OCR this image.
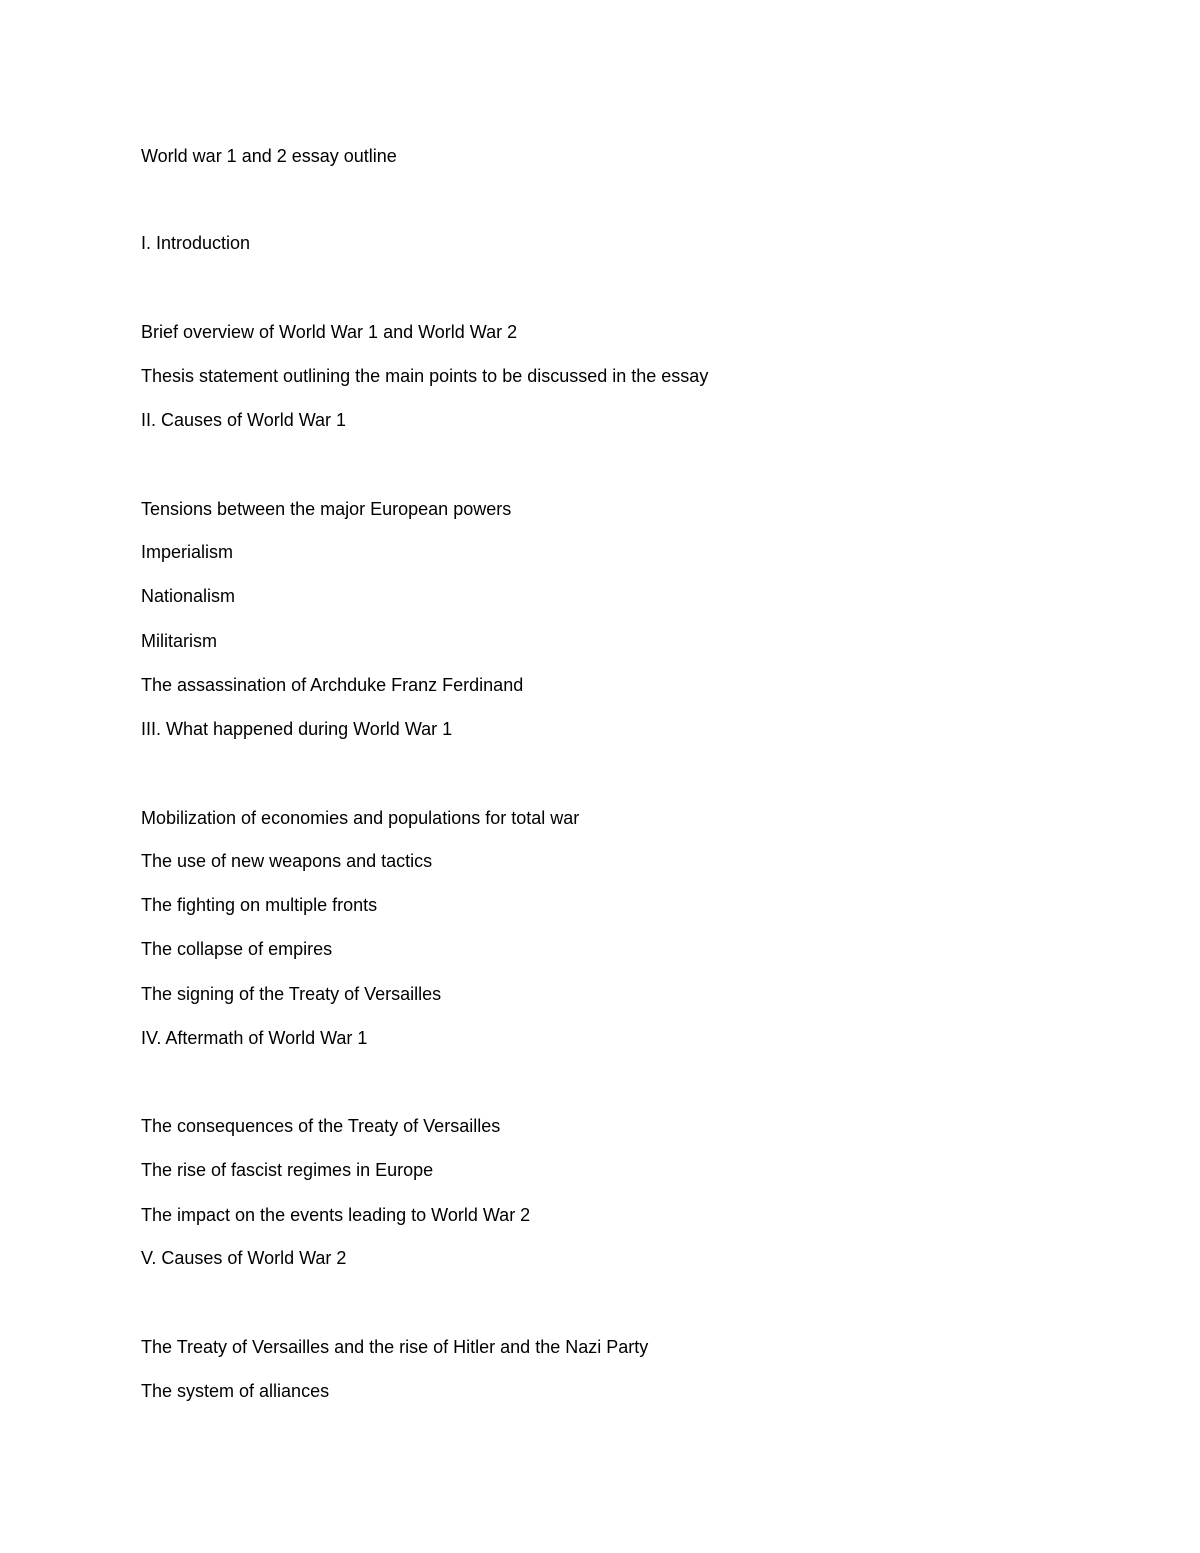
World war 1 and 2 essay outline
I. Introduction
Brief overview of World War 1 and World War 2
Thesis statement outlining the main points to be discussed in the essay
II. Causes of World War 1
Tensions between the major European powers
Imperialism
Nationalism
Militarism
The assassination of Archduke Franz Ferdinand
III. What happened during World War 1
Mobilization of economies and populations for total war
The use of new weapons and tactics
The fighting on multiple fronts
The collapse of empires
The signing of the Treaty of Versailles
IV. Aftermath of World War 1
The consequences of the Treaty of Versailles
The rise of fascist regimes in Europe
The impact on the events leading to World War 2
V. Causes of World War 2
The Treaty of Versailles and the rise of Hitler and the Nazi Party
The system of alliances
